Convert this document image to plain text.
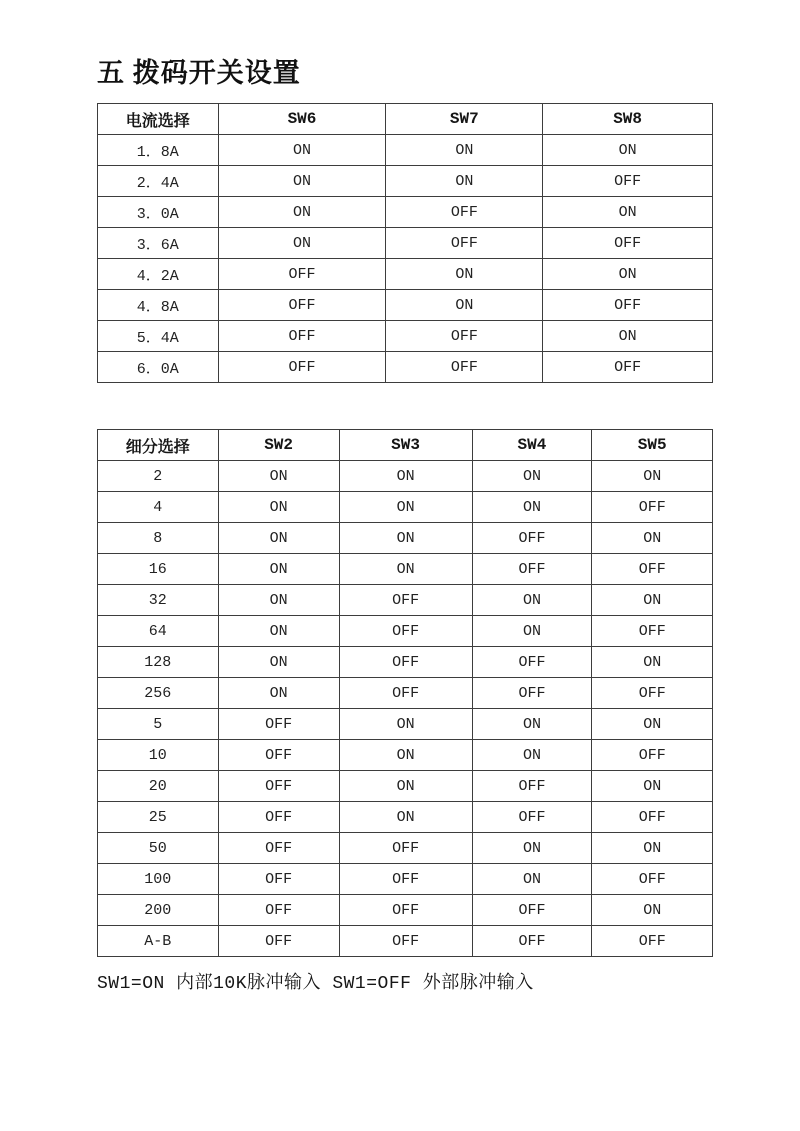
五 拨码开关设置
电流选择	SW6	SW7	SW8
1．8A	ON	ON	ON
2．4A	ON	ON	OFF
3．0A	ON	OFF	ON
3．6A	ON	OFF	OFF
4．2A	OFF	ON	ON
4．8A	OFF	ON	OFF
5．4A	OFF	OFF	ON
6．0A	OFF	OFF	OFF
细分选择	SW2	SW3	SW4	SW5
2	ON	ON	ON	ON
4	ON	ON	ON	OFF
8	ON	ON	OFF	ON
16	ON	ON	OFF	OFF
32	ON	OFF	ON	ON
64	ON	OFF	ON	OFF
128	ON	OFF	OFF	ON
256	ON	OFF	OFF	OFF
5	OFF	ON	ON	ON
10	OFF	ON	ON	OFF
20	OFF	ON	OFF	ON
25	OFF	ON	OFF	OFF
50	OFF	OFF	ON	ON
100	OFF	OFF	ON	OFF
200	OFF	OFF	OFF	ON
A-B	OFF	OFF	OFF	OFF

SW1=ON 内部10K脉冲输入 SW1=OFF 外部脉冲输入
